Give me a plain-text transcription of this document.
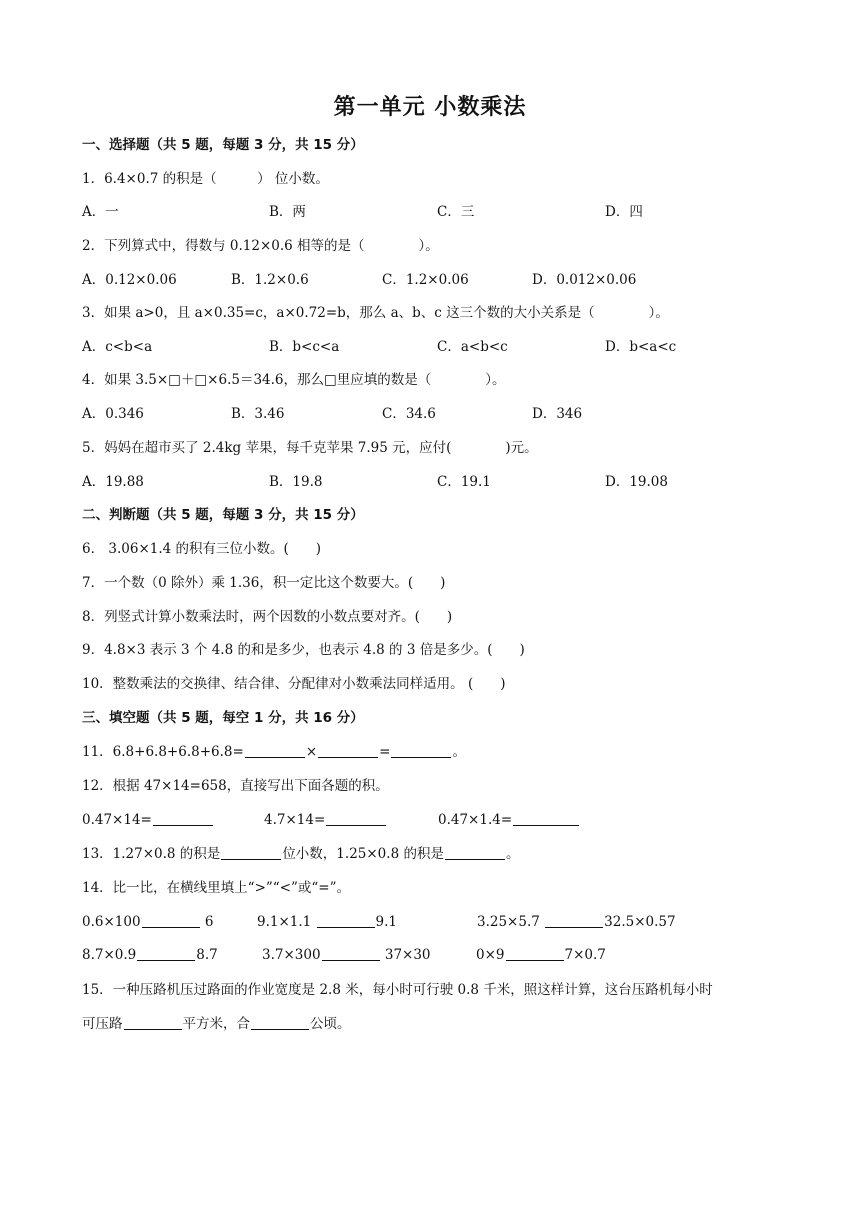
第一单元 小数乘法
一、选择题（共 5 题，每题 3 分，共 15 分）
1．6.4×0.7 的积是（　　　） 位小数。
A．一	B．两	C．三	D．四
2．下列算式中，得数与 0.12×0.6 相等的是（　　　　）。
A．0.12×0.06	B．1.2×0.6	C．1.2×0.06	D．0.012×0.06
3．如果 a>0，且 a×0.35=c，a×0.72=b，那么 a、b、c 这三个数的大小关系是（　　　　）。
A．c<b<a	B．b<c<a	C．a<b<c	D．b<a<c
4．如果 3.5×□＋□×6.5＝34.6，那么□里应填的数是（　　　　）。
A．0.346	B．3.46	C．34.6	D．346
5．妈妈在超市买了 2.4kg 苹果，每千克苹果 7.95 元，应付(　　　　)元。
A．19.88	B．19.8	C．19.1	D．19.08
二、判断题（共 5 题，每题 3 分，共 15 分）
6． 3.06×1.4 的积有三位小数。(　　)
7．一个数（0 除外）乘 1.36，积一定比这个数要大。(　　)
8．列竖式计算小数乘法时，两个因数的小数点要对齐。(　　)
9．4.8×3 表示 3 个 4.8 的和是多少，也表示 4.8 的 3 倍是多少。(　　)
10．整数乘法的交换律、结合律、分配律对小数乘法同样适用。 (　　)
三、填空题（共 5 题，每空 1 分，共 16 分）
11．6.8+6.8+6.8+6.8=	×	=	。
12．根据 47×14=658，直接写出下面各题的积。
0.47×14=	4.7×14=	0.47×1.4=
13．1.27×0.8 的积是	位小数，1.25×0.8 的积是	。
14．比一比，在横线里填上“>”“<”或“=”。
0.6×100	6	9.1×1.1	9.1	3.25×5.7	32.5×0.57
8.7×0.9	8.7	3.7×300	37×30	0×9	7×0.7
15．一种压路机压过路面的作业宽度是 2.8 米，每小时可行驶 0.8 千米，照这样计算，这台压路机每小时
可压路	平方米，合	公顷。
